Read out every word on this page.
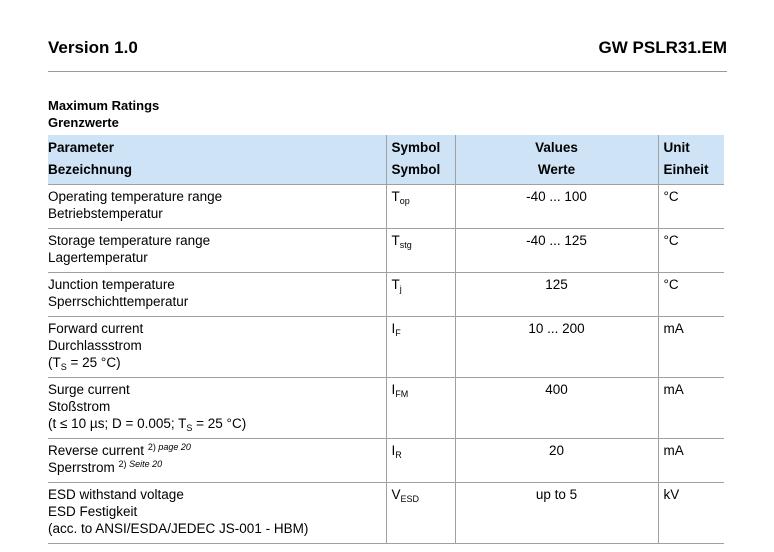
Version 1.0	GW PSLR31.EM
Maximum Ratings
Grenzwerte
Parameter	Symbol	Values	Unit
Bezeichnung	Symbol	Werte	Einheit

Operating temperature range
Betriebstemperatur	$T_{op}$	-40 ... 100	°C

Storage temperature range
Lagertemperatur	$T_{stg}$	-40 ... 125	°C

Junction temperature
Sperrschichttemperatur	$T_j$	125	°C

Forward current
Durchlassstrom
($T_S = 25$ °C)	$I_F$	10 ... 200	mA

Surge current
Stoßstrom
(t ≤ 10 µs; D = 0.005; $T_S = 25$ °C)	$I_{FM}$	400	mA

Reverse current $^{2) page 20}$
Sperrstrom $^{2) Seite 20}$	$I_R$	20	mA

ESD withstand voltage
ESD Festigkeit
(acc. to ANSI/ESDA/JEDEC JS-001 - HBM)	$V_{ESD}$	up to 5	kV
